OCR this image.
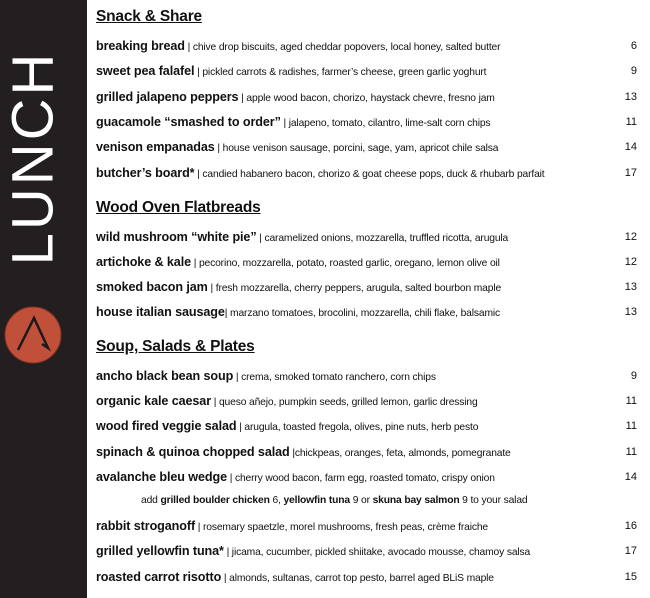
LUNCH
Snack & Share
breaking bread | chive drop biscuits, aged cheddar popovers, local honey, salted butter	6
sweet pea falafel | pickled carrots & radishes, farmer’s cheese, green garlic yoghurt	9
grilled jalapeno peppers | apple wood bacon, chorizo, haystack chevre, fresno jam	13
guacamole “smashed to order” | jalapeno, tomato, cilantro, lime-salt corn chips	11
venison empanadas | house venison sausage, porcini, sage, yam, apricot chile salsa	14
butcher’s board* | candied habanero bacon, chorizo & goat cheese pops, duck & rhubarb parfait	17
Wood Oven Flatbreads
wild mushroom “white pie” | caramelized onions, mozzarella, truffled ricotta, arugula	12
artichoke & kale | pecorino, mozzarella, potato, roasted garlic, oregano, lemon olive oil	12
smoked bacon jam | fresh mozzarella, cherry peppers, arugula, salted bourbon maple	13
house italian sausage| marzano tomatoes, brocolini, mozzarella, chili flake, balsamic	13
Soup, Salads & Plates
ancho black bean soup | crema, smoked tomato ranchero, corn chips	9
organic kale caesar | queso añejo, pumpkin seeds, grilled lemon, garlic dressing	11
wood fired veggie salad | arugula, toasted fregola, olives, pine nuts, herb pesto	11
spinach & quinoa chopped salad |chickpeas, oranges, feta, almonds, pomegranate	11
avalanche bleu wedge | cherry wood bacon, farm egg, roasted tomato, crispy onion	14
rabbit stroganoff | rosemary spaetzle, morel mushrooms, fresh peas, crème fraiche	16
grilled yellowfin tuna* | jicama, cucumber, pickled shiitake, avocado mousse, chamoy salsa	17
roasted carrot risotto | almonds, sultanas, carrot top pesto, barrel aged BLiS maple	15
add grilled boulder chicken 6, yellowfin tuna 9 or skuna bay salmon 9 to your salad
